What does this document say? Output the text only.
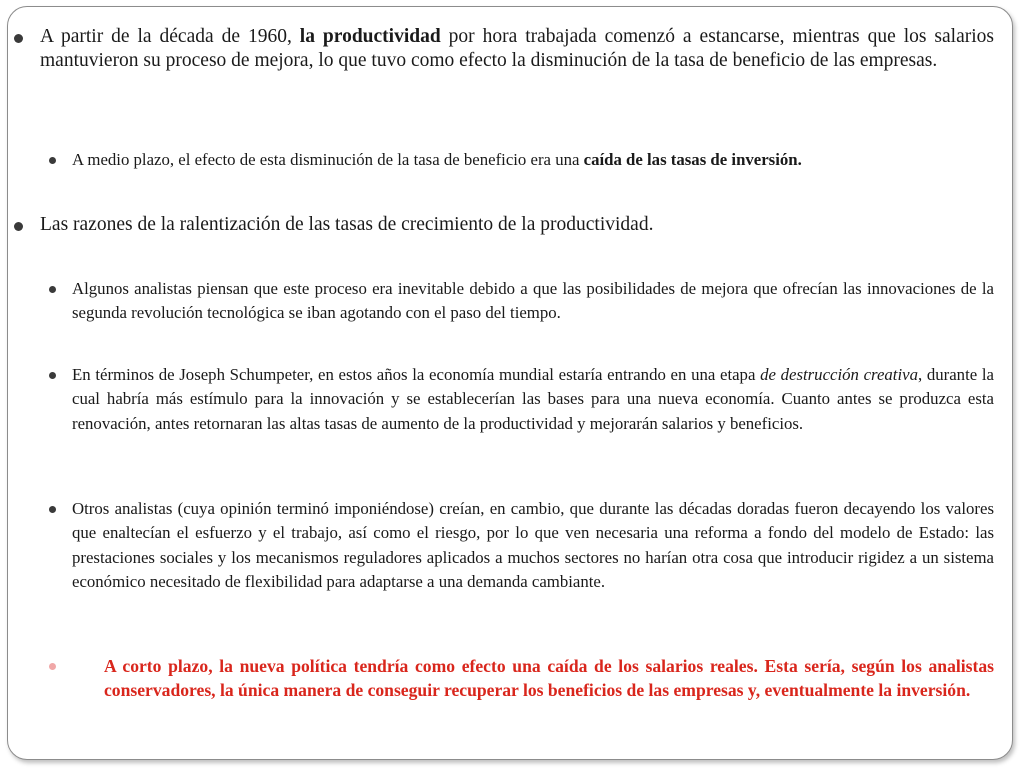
A partir de la década de 1960, la productividad por hora trabajada comenzó a estancarse, mientras que los salarios mantuvieron su proceso de mejora, lo que tuvo como efecto la disminución de la tasa de beneficio de las empresas.

A medio plazo, el efecto de esta disminución de la tasa de beneficio era una caída de las tasas de inversión.

Las razones de la ralentización de las tasas de crecimiento de la productividad.

Algunos analistas piensan que este proceso era inevitable debido a que las posibilidades de mejora que ofrecían las innovaciones de la segunda revolución tecnológica se iban agotando con el paso del tiempo.

En términos de Joseph Schumpeter, en estos años la economía mundial estaría entrando en una etapa de destrucción creativa, durante la cual habría más estímulo para la innovación y se establecerían las bases para una nueva economía. Cuanto antes se produzca esta renovación, antes retornaran las altas tasas de aumento de la productividad y mejorarán salarios y beneficios.

Otros analistas (cuya opinión terminó imponiéndose) creían, en cambio, que durante las décadas doradas fueron decayendo los valores que enaltecían el esfuerzo y el trabajo, así como el riesgo, por lo que ven necesaria una reforma a fondo del modelo de Estado: las prestaciones sociales y los mecanismos reguladores aplicados a muchos sectores no harían otra cosa que introducir rigidez a un sistema económico necesitado de flexibilidad para adaptarse a una demanda cambiante.

A corto plazo, la nueva política tendría como efecto una caída de los salarios reales. Esta sería, según los analistas conservadores, la única manera de conseguir recuperar los beneficios de las empresas y, eventualmente la inversión.
